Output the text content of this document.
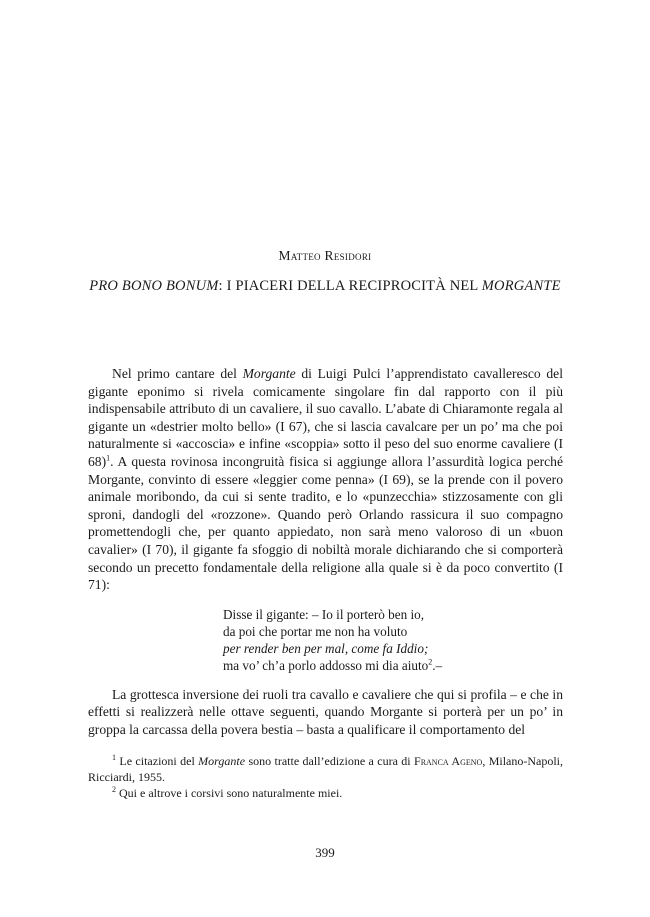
Matteo Residori
PRO BONO BONUM: I PIACERI DELLA RECIPROCITÀ NEL MORGANTE

Nel primo cantare del Morgante di Luigi Pulci l’apprendistato cavalleresco del gigante eponimo si rivela comicamente singolare fin dal rapporto con il più indispensabile attributo di un cavaliere, il suo cavallo. L’abate di Chiaramonte regala al gigante un «destrier molto bello» (I 67), che si lascia cavalcare per un po’ ma che poi naturalmente si «accoscia» e infine «scoppia» sotto il peso del suo enorme cavaliere (I 68)$^1$. A questa rovinosa incongruità fisica si aggiunge allora l’assurdità logica perché Morgante, convinto di essere «leggier come penna» (I 69), se la prende con il povero animale moribondo, da cui si sente tradito, e lo «punzecchia» stizzosamente con gli sproni, dandogli del «rozzone». Quando però Orlando rassicura il suo compagno promettendogli che, per quanto appiedato, non sarà meno valoroso di un «buon cavalier» (I 70), il gigante fa sfoggio di nobiltà morale dichiarando che si comporterà secondo un precetto fondamentale della religione alla quale si è da poco convertito (I 71):

Disse il gigante: – Io il porterò ben io,
da poi che portar me non ha voluto
per render ben per mal, come fa Iddio;
ma vo’ ch’a porlo addosso mi dia aiuto$^2$.–

La grottesca inversione dei ruoli tra cavallo e cavaliere che qui si profila – e che in effetti si realizzerà nelle ottave seguenti, quando Morgante si porterà per un po’ in groppa la carcassa della povera bestia – basta a qualificare il comportamento del

$^1$ Le citazioni del Morgante sono tratte dall’edizione a cura di Franca Ageno, Milano-Napoli, Ricciardi, 1955.

$^2$ Qui e altrove i corsivi sono naturalmente miei.

399
